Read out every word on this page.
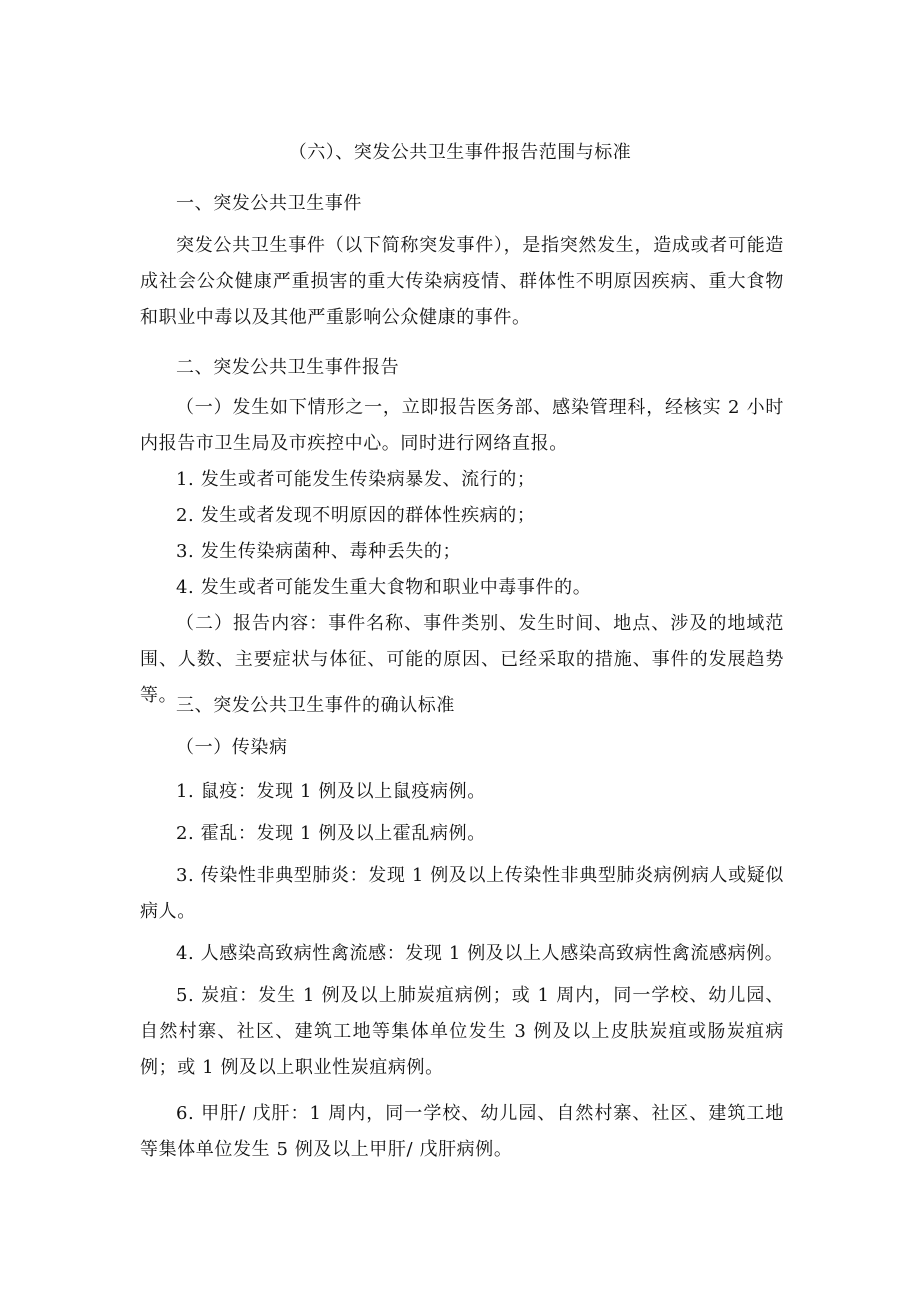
（六）、突发公共卫生事件报告范围与标准
一、突发公共卫生事件
突发公共卫生事件（以下简称突发事件），是指突然发生，造成或者可能造成社会公众健康严重损害的重大传染病疫情、群体性不明原因疾病、重大食物和职业中毒以及其他严重影响公众健康的事件。
二、突发公共卫生事件报告
（一）发生如下情形之一，立即报告医务部、感染管理科，经核实 2 小时内报告市卫生局及市疾控中心。同时进行网络直报。
1. 发生或者可能发生传染病暴发、流行的；
2. 发生或者发现不明原因的群体性疾病的；
3. 发生传染病菌种、毒种丢失的；
4. 发生或者可能发生重大食物和职业中毒事件的。
（二）报告内容：事件名称、事件类别、发生时间、地点、涉及的地域范围、人数、主要症状与体征、可能的原因、已经采取的措施、事件的发展趋势等。
三、突发公共卫生事件的确认标准
（一）传染病
1. 鼠疫：发现 1 例及以上鼠疫病例。
2. 霍乱：发现 1 例及以上霍乱病例。
3. 传染性非典型肺炎：发现 1 例及以上传染性非典型肺炎病例病人或疑似病人。
4. 人感染高致病性禽流感：发现 1 例及以上人感染高致病性禽流感病例。
5. 炭疽：发生 1 例及以上肺炭疽病例；或 1 周内，同一学校、幼儿园、自然村寨、社区、建筑工地等集体单位发生 3 例及以上皮肤炭疽或肠炭疽病例；或 1 例及以上职业性炭疽病例。
6. 甲肝/ 戊肝：1 周内，同一学校、幼儿园、自然村寨、社区、建筑工地等集体单位发生 5 例及以上甲肝/ 戊肝病例。
